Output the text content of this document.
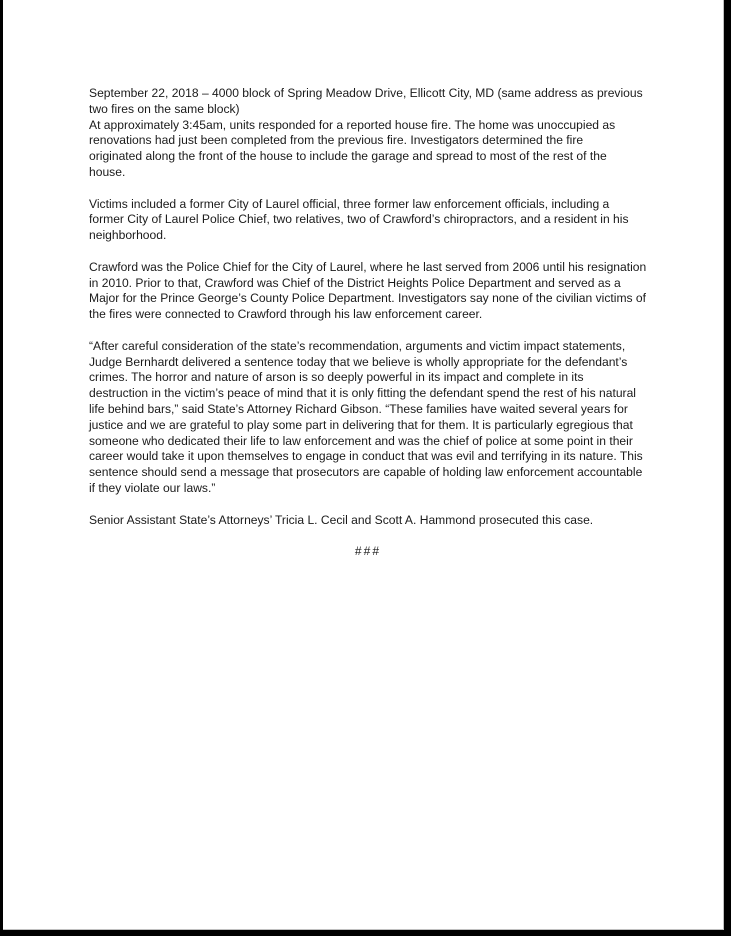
September 22, 2018 – 4000 block of Spring Meadow Drive, Ellicott City, MD (same address as previous
two fires on the same block)
At approximately 3:45am, units responded for a reported house fire. The home was unoccupied as
renovations had just been completed from the previous fire. Investigators determined the fire
originated along the front of the house to include the garage and spread to most of the rest of the
house.

Victims included a former City of Laurel official, three former law enforcement officials, including a
former City of Laurel Police Chief, two relatives, two of Crawford’s chiropractors, and a resident in his
neighborhood.

Crawford was the Police Chief for the City of Laurel, where he last served from 2006 until his resignation
in 2010. Prior to that, Crawford was Chief of the District Heights Police Department and served as a
Major for the Prince George’s County Police Department. Investigators say none of the civilian victims of
the fires were connected to Crawford through his law enforcement career.

“After careful consideration of the state’s recommendation, arguments and victim impact statements,
Judge Bernhardt delivered a sentence today that we believe is wholly appropriate for the defendant’s
crimes. The horror and nature of arson is so deeply powerful in its impact and complete in its
destruction in the victim’s peace of mind that it is only fitting the defendant spend the rest of his natural
life behind bars,” said State’s Attorney Richard Gibson. “These families have waited several years for
justice and we are grateful to play some part in delivering that for them. It is particularly egregious that
someone who dedicated their life to law enforcement and was the chief of police at some point in their
career would take it upon themselves to engage in conduct that was evil and terrifying in its nature. This
sentence should send a message that prosecutors are capable of holding law enforcement accountable
if they violate our laws.”

Senior Assistant State’s Attorneys’ Tricia L. Cecil and Scott A. Hammond prosecuted this case.

###
